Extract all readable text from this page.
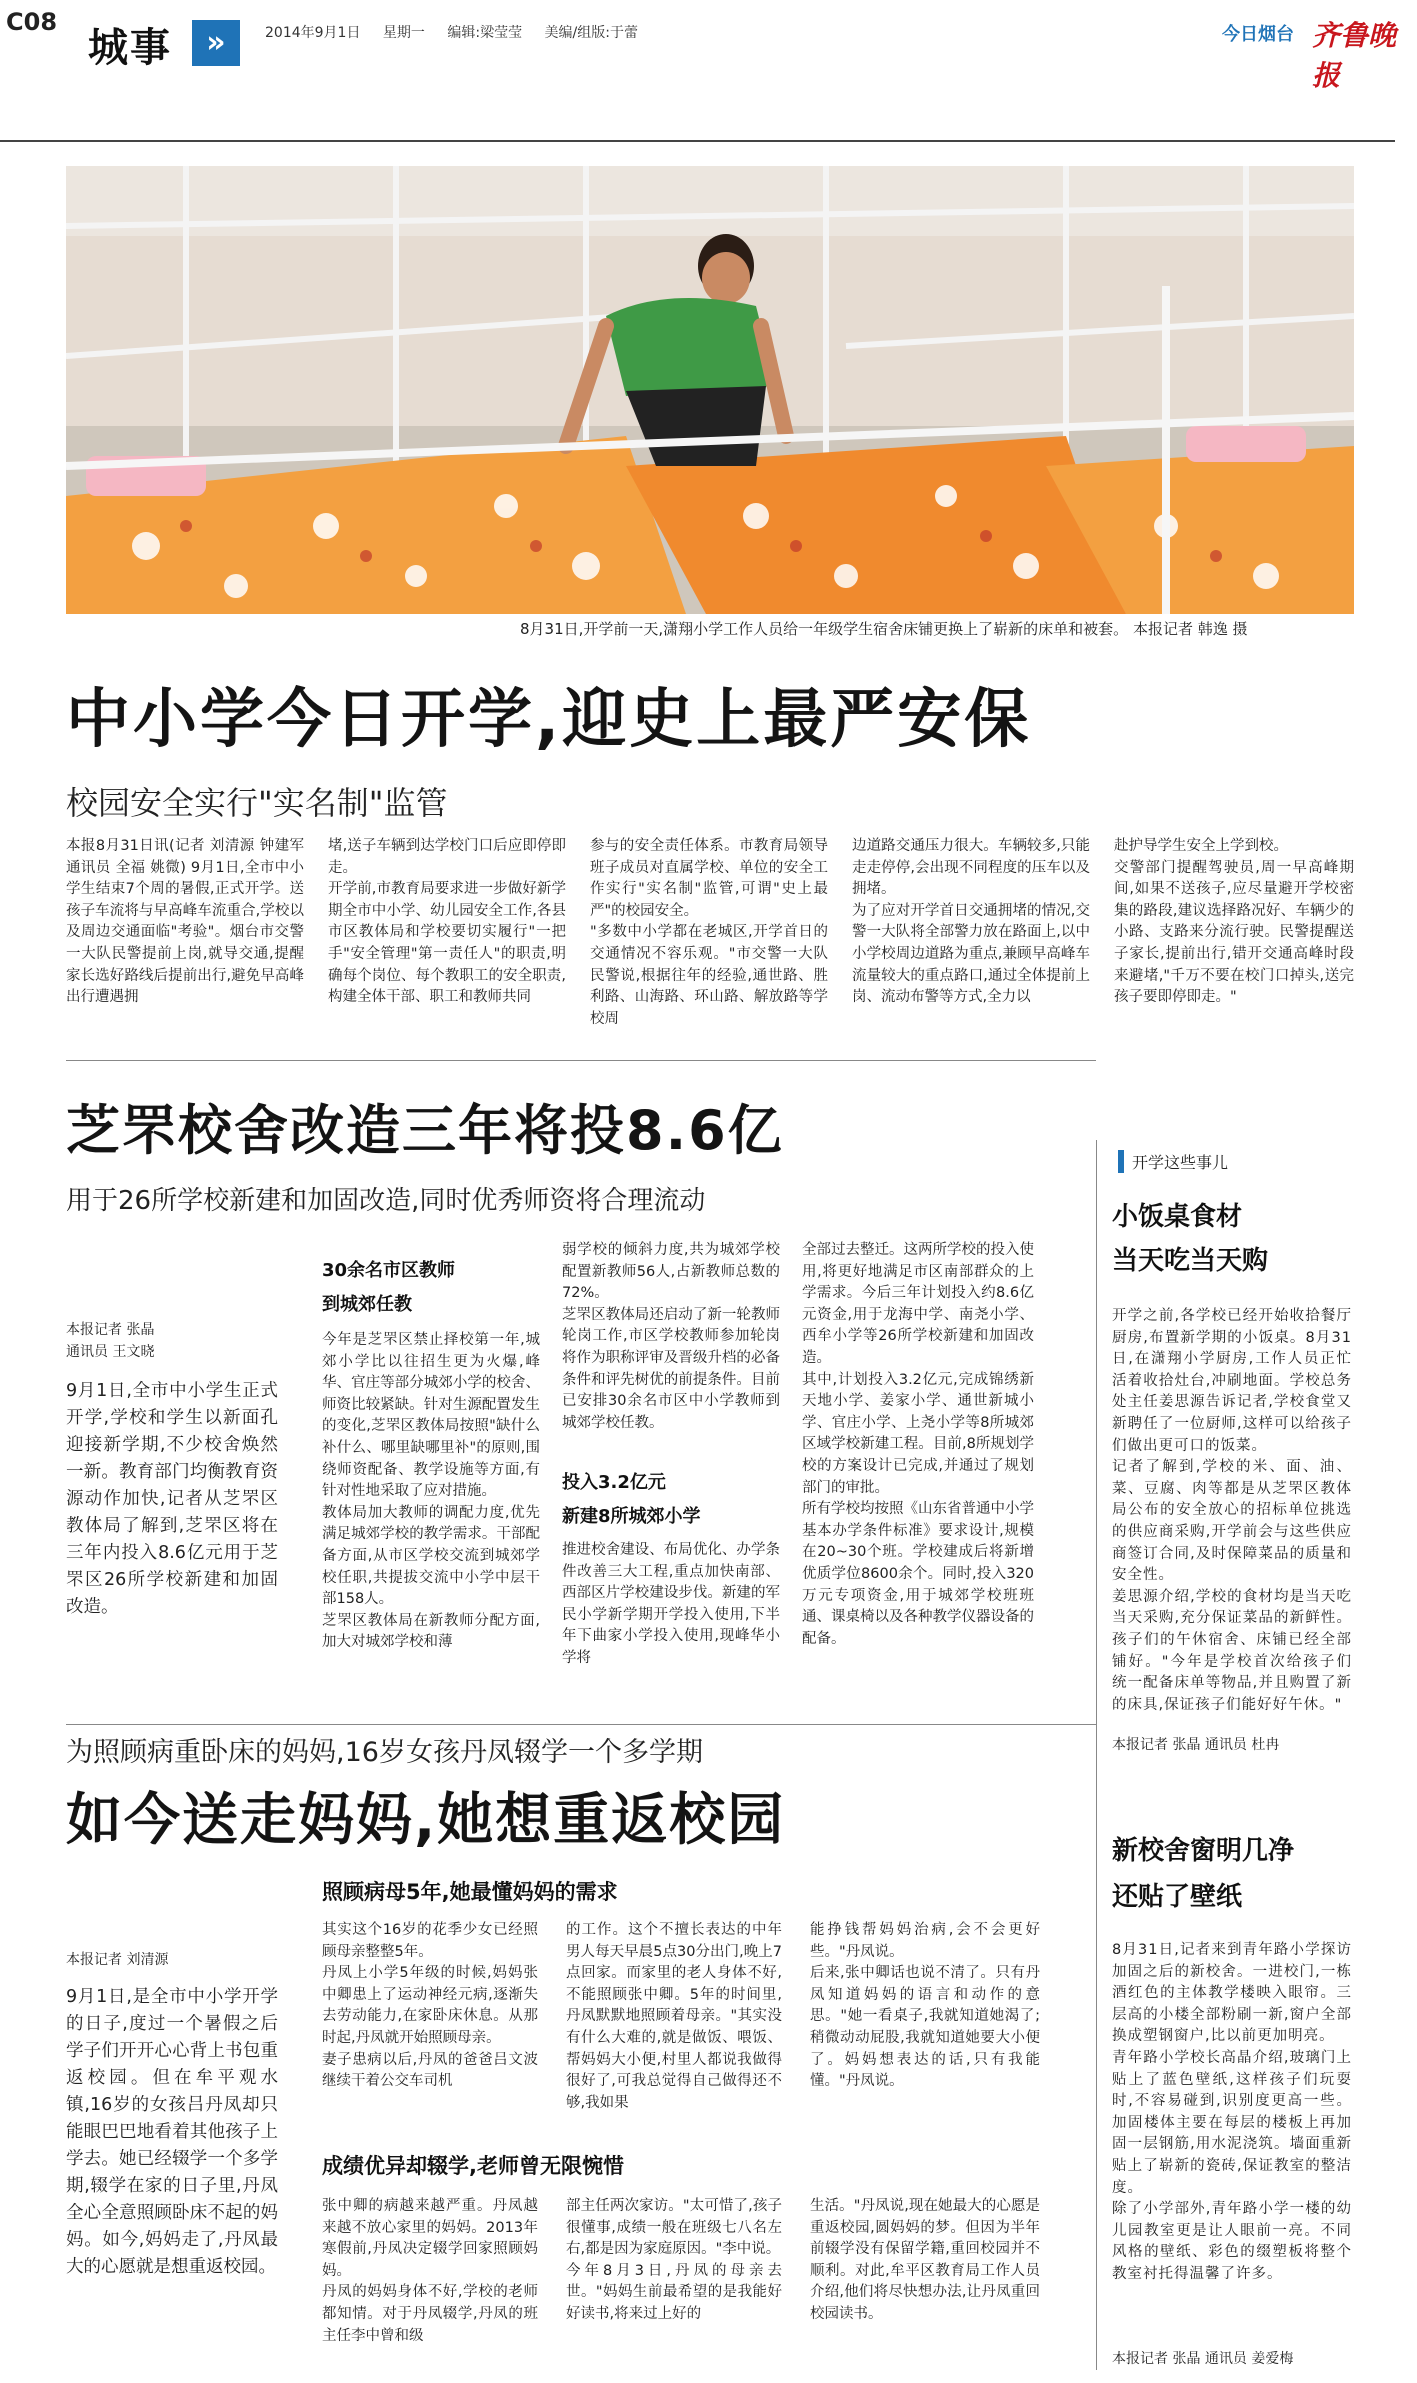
C08
城事	»	2014年9月1日 星期一 编辑:梁莹莹 美编/组版:于蕾	今日烟台 齐鲁晚报
8月31日,开学前一天,潇翔小学工作人员给一年级学生宿舍床铺更换上了崭新的床单和被套。 本报记者 韩逸 摄
中小学今日开学,迎史上最严安保
校园安全实行"实名制"监管
本报8月31日讯(记者 刘清源 钟建军 通讯员 全福 姚微) 9月1日,全市中小学生结束7个周的暑假,正式开学。送孩子车流将与早高峰车流重合,学校以及周边交通面临"考验"。烟台市交警一大队民警提前上岗,就导交通,提醒家长选好路线后提前出行,避免早高峰出行遭遇拥
堵,送子车辆到达学校门口后应即停即走。
开学前,市教育局要求进一步做好新学期全市中小学、幼儿园安全工作,各县市区教体局和学校要切实履行"一把手"安全管理"第一责任人"的职责,明确每个岗位、每个教职工的安全职责,构建全体干部、职工和教师共同
参与的安全责任体系。市教育局领导班子成员对直属学校、单位的安全工作实行"实名制"监管,可谓"史上最严"的校园安全。
"多数中小学都在老城区,开学首日的交通情况不容乐观。"市交警一大队民警说,根据往年的经验,通世路、胜利路、山海路、环山路、解放路等学校周
边道路交通压力很大。车辆较多,只能走走停停,会出现不同程度的压车以及拥堵。
为了应对开学首日交通拥堵的情况,交警一大队将全部警力放在路面上,以中小学校周边道路为重点,兼顾早高峰车流量较大的重点路口,通过全体提前上岗、流动布警等方式,全力以
赴护导学生安全上学到校。
交警部门提醒驾驶员,周一早高峰期间,如果不送孩子,应尽量避开学校密集的路段,建议选择路况好、车辆少的小路、支路来分流行驶。民警提醒送子家长,提前出行,错开交通高峰时段来避堵,"千万不要在校门口掉头,送完孩子要即停即走。"
芝罘校舍改造三年将投8.6亿
用于26所学校新建和加固改造,同时优秀师资将合理流动
本报记者 张晶
通讯员 王文晓
9月1日,全市中小学生正式开学,学校和学生以新面孔迎接新学期,不少校舍焕然一新。教育部门均衡教育资源动作加快,记者从芝罘区教体局了解到,芝罘区将在三年内投入8.6亿元用于芝罘区26所学校新建和加固改造。
30余名市区教师
到城郊任教
今年是芝罘区禁止择校第一年,城郊小学比以往招生更为火爆,峰华、官庄等部分城郊小学的校舍、师资比较紧缺。针对生源配置发生的变化,芝罘区教体局按照"缺什么补什么、哪里缺哪里补"的原则,围绕师资配备、教学设施等方面,有针对性地采取了应对措施。
教体局加大教师的调配力度,优先满足城郊学校的教学需求。干部配备方面,从市区学校交流到城郊学校任职,共提拔交流中小学中层干部158人。
芝罘区教体局在新教师分配方面,加大对城郊学校和薄
弱学校的倾斜力度,共为城郊学校配置新教师56人,占新教师总数的72%。
芝罘区教体局还启动了新一轮教师轮岗工作,市区学校教师参加轮岗将作为职称评审及晋级升档的必备条件和评先树优的前提条件。目前已安排30余名市区中小学教师到城郊学校任教。
投入3.2亿元
新建8所城郊小学
推进校舍建设、布局优化、办学条件改善三大工程,重点加快南部、西部区片学校建设步伐。新建的军民小学新学期开学投入使用,下半年下曲家小学投入使用,现峰华小学将
全部过去整迁。这两所学校的投入使用,将更好地满足市区南部群众的上学需求。今后三年计划投入约8.6亿元资金,用于龙海中学、南尧小学、西牟小学等26所学校新建和加固改造。
其中,计划投入3.2亿元,完成锦绣新天地小学、姜家小学、通世新城小学、官庄小学、上尧小学等8所城郊区域学校新建工程。目前,8所规划学校的方案设计已完成,并通过了规划部门的审批。
所有学校均按照《山东省普通中小学基本办学条件标准》要求设计,规模在20~30个班。学校建成后将新增优质学位8600余个。同时,投入320万元专项资金,用于城郊学校班班通、课桌椅以及各种教学仪器设备的配备。
为照顾病重卧床的妈妈,16岁女孩丹凤辍学一个多学期
如今送走妈妈,她想重返校园
照顾病母5年,她最懂妈妈的需求
本报记者 刘清源
9月1日,是全市中小学开学的日子,度过一个暑假之后学子们开开心心背上书包重返校园。但在牟平观水镇,16岁的女孩吕丹凤却只能眼巴巴地看着其他孩子上学去。她已经辍学一个多学期,辍学在家的日子里,丹凤全心全意照顾卧床不起的妈妈。如今,妈妈走了,丹凤最大的心愿就是想重返校园。
其实这个16岁的花季少女已经照顾母亲整整5年。
丹凤上小学5年级的时候,妈妈张中卿患上了运动神经元病,逐渐失去劳动能力,在家卧床休息。从那时起,丹凤就开始照顾母亲。
妻子患病以后,丹凤的爸爸吕文波继续干着公交车司机
的工作。这个不擅长表达的中年男人每天早晨5点30分出门,晚上7点回家。而家里的老人身体不好,不能照顾张中卿。5年的时间里,丹凤默默地照顾着母亲。"其实没有什么大难的,就是做饭、喂饭、帮妈妈大小便,村里人都说我做得很好了,可我总觉得自己做得还不够,我如果
能挣钱帮妈妈治病,会不会更好些。"丹凤说。
后来,张中卿话也说不清了。只有丹凤知道妈妈的语言和动作的意思。"她一看桌子,我就知道她渴了;稍微动动屁股,我就知道她要大小便了。妈妈想表达的话,只有我能懂。"丹凤说。
成绩优异却辍学,老师曾无限惋惜
张中卿的病越来越严重。丹凤越来越不放心家里的妈妈。2013年寒假前,丹凤决定辍学回家照顾妈妈。
丹凤的妈妈身体不好,学校的老师都知情。对于丹凤辍学,丹凤的班主任李中曾和级
部主任两次家访。"太可惜了,孩子很懂事,成绩一般在班级七八名左右,都是因为家庭原因。"李中说。
今年8月3日,丹凤的母亲去世。"妈妈生前最希望的是我能好好读书,将来过上好的
生活。"丹凤说,现在她最大的心愿是重返校园,圆妈妈的梦。但因为半年前辍学没有保留学籍,重回校园并不顺利。对此,牟平区教育局工作人员介绍,他们将尽快想办法,让丹凤重回校园读书。
开学这些事儿
小饭桌食材
当天吃当天购
开学之前,各学校已经开始收拾餐厅厨房,布置新学期的小饭桌。8月31日,在潇翔小学厨房,工作人员正忙活着收拾灶台,冲刷地面。学校总务处主任姜思源告诉记者,学校食堂又新聘任了一位厨师,这样可以给孩子们做出更可口的饭菜。
记者了解到,学校的米、面、油、菜、豆腐、肉等都是从芝罘区教体局公布的安全放心的招标单位挑选的供应商采购,开学前会与这些供应商签订合同,及时保障菜品的质量和安全性。
姜思源介绍,学校的食材均是当天吃当天采购,充分保证菜品的新鲜性。孩子们的午休宿舍、床铺已经全部铺好。"今年是学校首次给孩子们统一配备床单等物品,并且购置了新的床具,保证孩子们能好好午休。"
本报记者 张晶 通讯员 杜冉
新校舍窗明几净
还贴了壁纸
8月31日,记者来到青年路小学探访加固之后的新校舍。一进校门,一栋酒红色的主体教学楼映入眼帘。三层高的小楼全部粉刷一新,窗户全部换成塑钢窗户,比以前更加明亮。
青年路小学校长高晶介绍,玻璃门上贴上了蓝色壁纸,这样孩子们玩耍时,不容易碰到,识别度更高一些。加固楼体主要在每层的楼板上再加固一层钢筋,用水泥浇筑。墙面重新贴上了崭新的瓷砖,保证教室的整洁度。
除了小学部外,青年路小学一楼的幼儿园教室更是让人眼前一亮。不同风格的壁纸、彩色的缀塑板将整个教室衬托得温馨了许多。
本报记者 张晶 通讯员 姜爱梅
